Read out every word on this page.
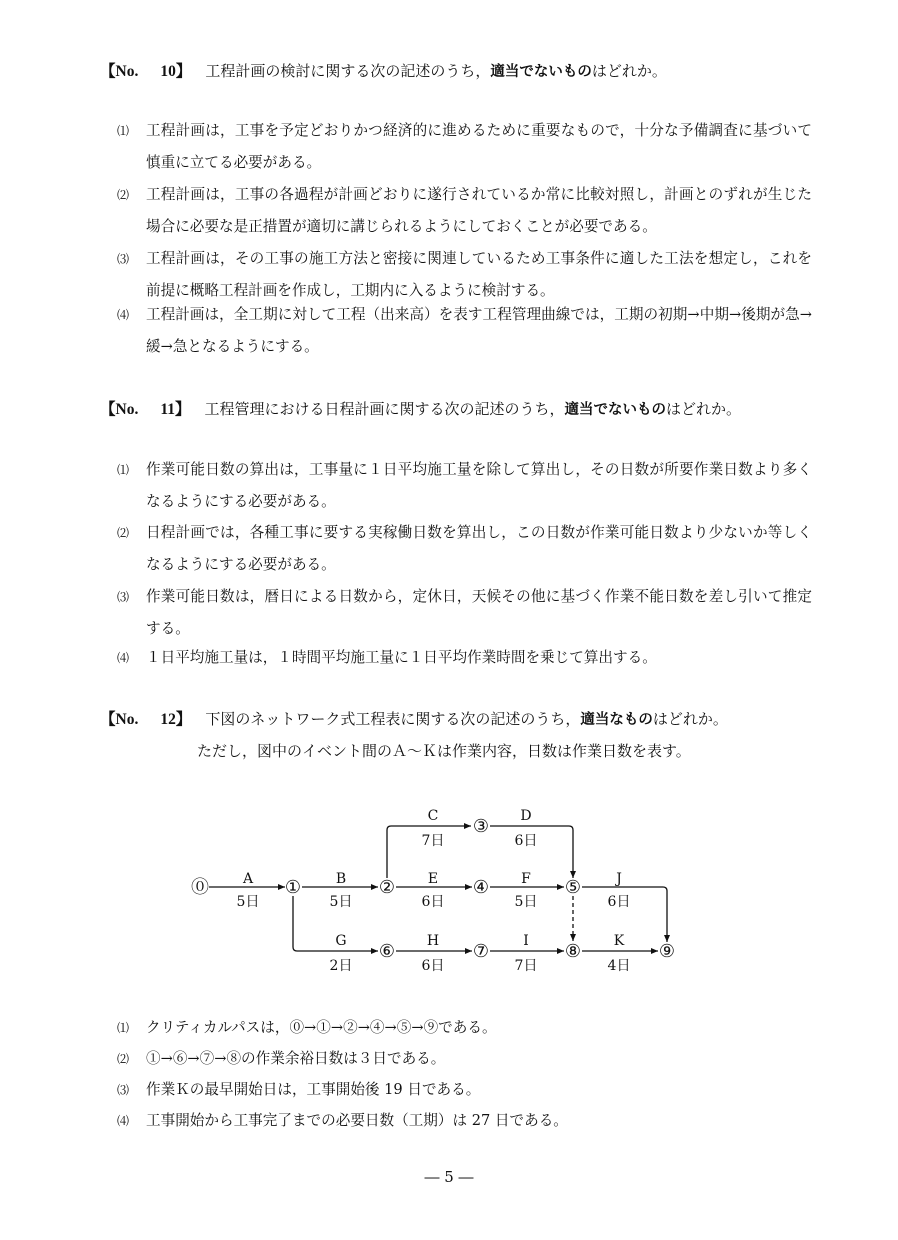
【No. 10】 工程計画の検討に関する次の記述のうち，適当でないものはどれか。
⑴ 工程計画は，工事を予定どおりかつ経済的に進めるために重要なもので，十分な予備調査に基づいて慎重に立てる必要がある。
⑵ 工程計画は，工事の各過程が計画どおりに遂行されているか常に比較対照し，計画とのずれが生じた場合に必要な是正措置が適切に講じられるようにしておくことが必要である。
⑶ 工程計画は，その工事の施工方法と密接に関連しているため工事条件に適した工法を想定し，これを前提に概略工程計画を作成し，工期内に入るように検討する。
⑷ 工程計画は，全工期に対して工程（出来高）を表す工程管理曲線では，工期の初期→中期→後期が急→緩→急となるようにする。
【No. 11】 工程管理における日程計画に関する次の記述のうち，適当でないものはどれか。
⑴ 作業可能日数の算出は，工事量に１日平均施工量を除して算出し，その日数が所要作業日数より多くなるようにする必要がある。
⑵ 日程計画では，各種工事に要する実稼働日数を算出し，この日数が作業可能日数より少ないか等しくなるようにする必要がある。
⑶ 作業可能日数は，暦日による日数から，定休日，天候その他に基づく作業不能日数を差し引いて推定する。
⑷ １日平均施工量は，１時間平均施工量に１日平均作業時間を乗じて算出する。
【No. 12】 下図のネットワーク式工程表に関する次の記述のうち，適当なものはどれか。
ただし，図中のイベント間のＡ～Ｋは作業内容，日数は作業日数を表す。
⓪	①	②
③
④	⑤
⑥	⑦	⑧	⑨
A
5日
B
5日
C
7日
D
6日
E
6日
F
5日
G
2日
H
6日
I
7日
J
6日
K
4日
⑴ クリティカルパスは，⓪→①→②→④→⑤→⑨である。
⑵ ①→⑥→⑦→⑧の作業余裕日数は３日である。
⑶ 作業Ｋの最早開始日は，工事開始後 19 日である。
⑷ 工事開始から工事完了までの必要日数（工期）は 27 日である。
― 5 ―
